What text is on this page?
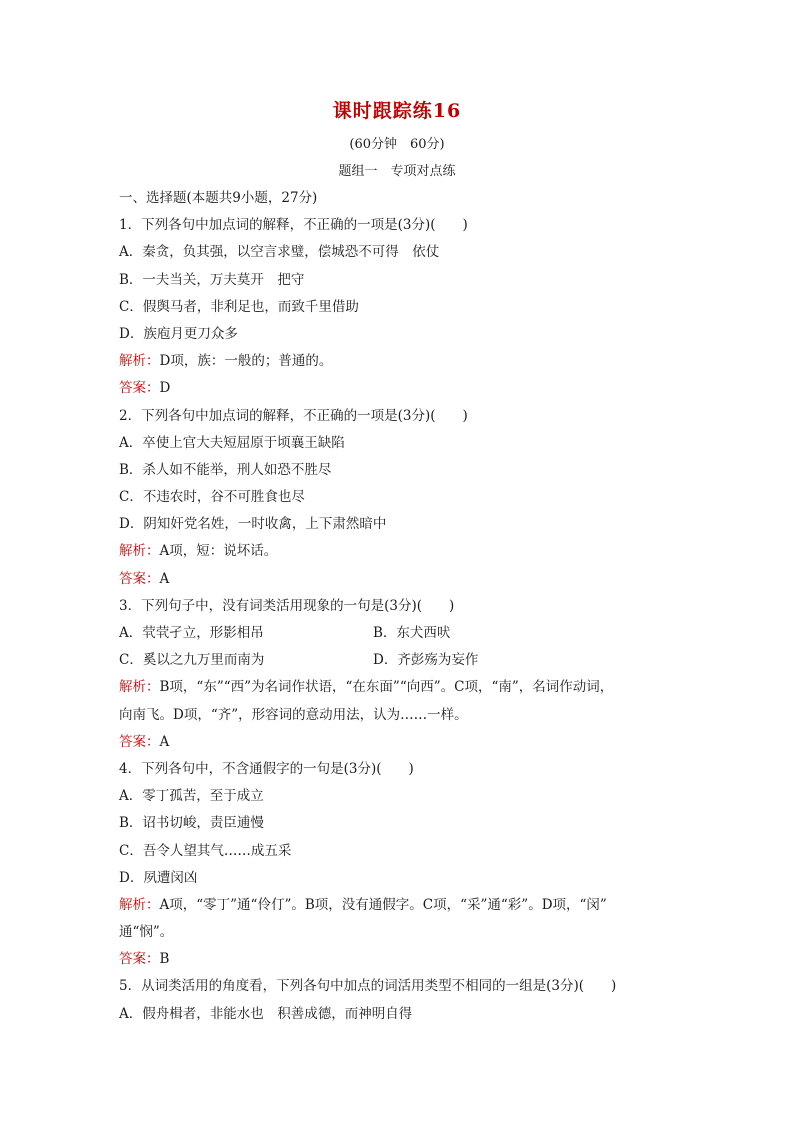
课时跟踪练16
(60分钟　60分)
题组一　专项对点练
一、选择题(本题共9小题，27分)
1．下列各句中加点词的解释，不正确的一项是(3分)(　　)
A．秦贪，负其强，以空言求璧，偿城恐不可得　依仗
B．一夫当关，万夫莫开　把守
C．假舆马者，非利足也，而致千里借助
D．族庖月更刀众多
解析：D项，族：一般的；普通的。
答案：D
2．下列各句中加点词的解释，不正确的一项是(3分)(　　)
A．卒使上官大夫短屈原于顷襄王缺陷
B．杀人如不能举，刑人如恐不胜尽
C．不违农时，谷不可胜食也尽
D．阴知奸党名姓，一时收禽，上下肃然暗中
解析：A项，短：说坏话。
答案：A
3．下列句子中，没有词类活用现象的一句是(3分)(　　)
A．茕茕孑立，形影相吊	B．东犬西吠
C．奚以之九万里而南为	D．齐彭殇为妄作
解析：B项，“东”“西”为名词作状语，“在东面”“向西”。C项，“南”，名词作动词，
向南飞。D项，“齐”，形容词的意动用法，认为……一样。
答案：A
4．下列各句中，不含通假字的一句是(3分)(　　)
A．零丁孤苦，至于成立
B．诏书切峻，责臣逋慢
C．吾令人望其气……成五采
D．夙遭闵凶
解析：A项，“零丁”通“伶仃”。B项，没有通假字。C项，“采”通“彩”。D项，“闵”
通“悯”。
答案：B
5．从词类活用的角度看，下列各句中加点的词活用类型不相同的一组是(3分)(　　)
A．假舟楫者，非能水也　积善成德，而神明自得
